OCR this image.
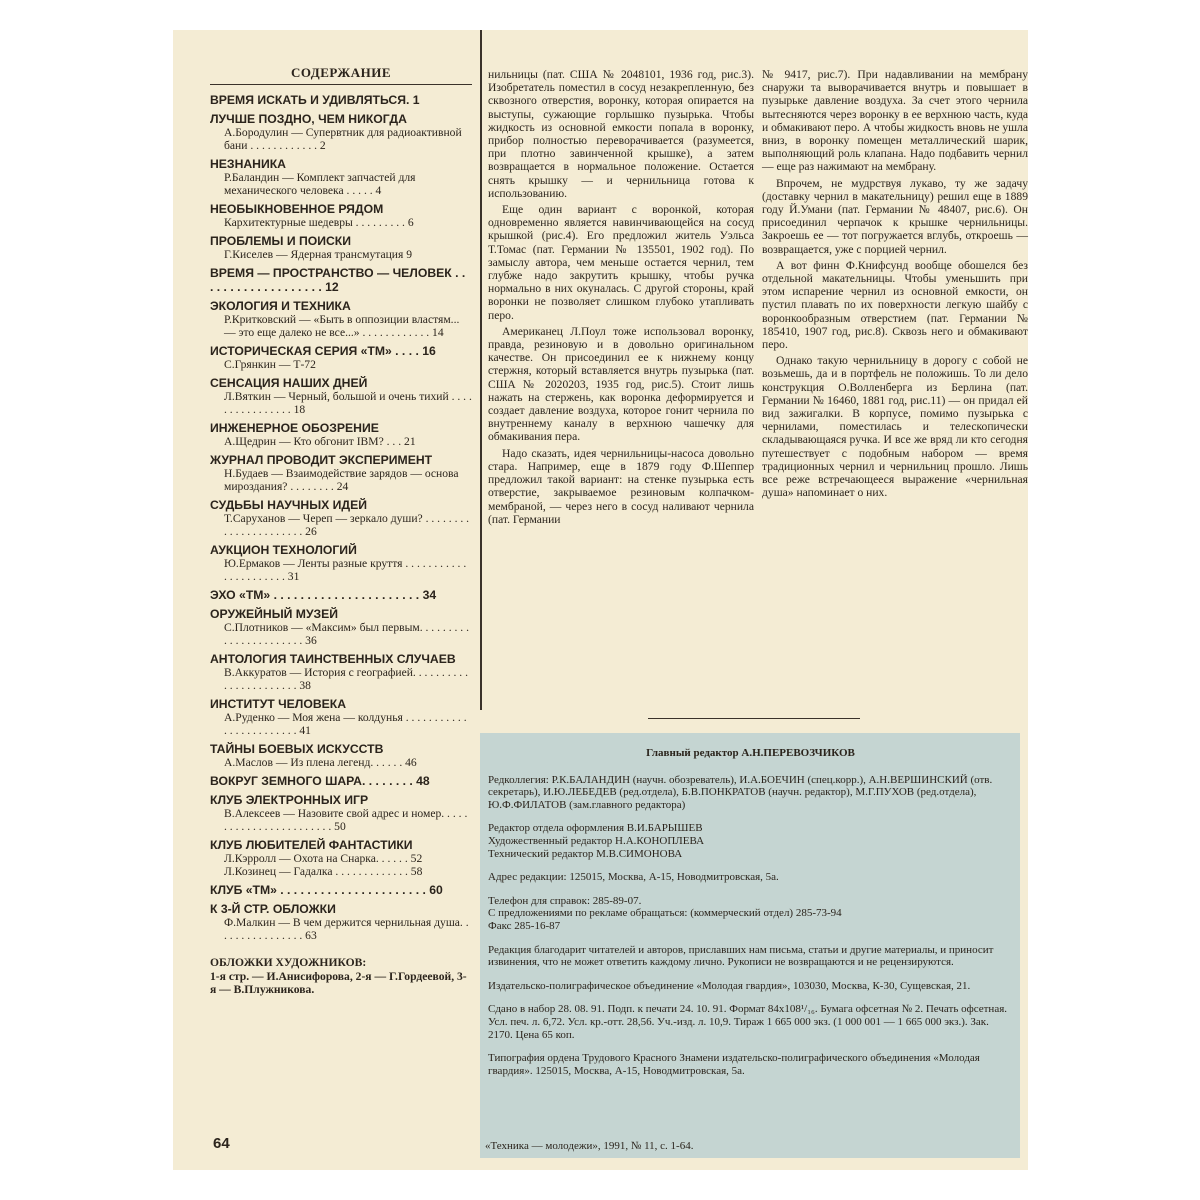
СОДЕРЖАНИЕ
ВРЕМЯ ИСКАТЬ И УДИВЛЯТЬСЯ. 1
ЛУЧШЕ ПОЗДНО, ЧЕМ НИКОГДА
А.Бородулин — Супервтник для радиоактивной бани . . . . . . . . . . . . 2
НЕЗНАНИКА
Р.Баландин — Комплект запчастей для механического человека . . . . . 4
НЕОБЫКНОВЕННОЕ РЯДОМ
Кархитектурные шедевры . . . . . . . . . 6
ПРОБЛЕМЫ И ПОИСКИ
Г.Киселев — Ядерная трансмутация 9
ВРЕМЯ — ПРОСТРАНСТВО — ЧЕЛОВЕК . . . . . . . . . . . . . . . . . . . 12
ЭКОЛОГИЯ И ТЕХНИКА
Р.Критковский — «Быть в оппозиции властям... — это еще далеко не все...» . . . . . . . . . . . . 14
ИСТОРИЧЕСКАЯ СЕРИЯ «ТМ» . . . . 16
С.Грянкин — Т-72
СЕНСАЦИЯ НАШИХ ДНЕЙ
Л.Вяткин — Черный, большой и очень тихий . . . . . . . . . . . . . . . . 18
ИНЖЕНЕРНОЕ ОБОЗРЕНИЕ
А.Щедрин — Кто обгонит IBM? . . . 21
ЖУРНАЛ ПРОВОДИТ ЭКСПЕРИМЕНТ
Н.Будаев — Взаимодействие зарядов — основа мироздания? . . . . . . . . 24
СУДЬБЫ НАУЧНЫХ ИДЕЙ
Т.Саруханов — Череп — зеркало души? . . . . . . . . . . . . . . . . . . . . . . 26
АУКЦИОН ТЕХНОЛОГИЙ
Ю.Ермаков — Ленты разные круття . . . . . . . . . . . . . . . . . . . . . . 31
ЭХО «ТМ» . . . . . . . . . . . . . . . . . . . . . . 34
ОРУЖЕЙНЫЙ МУЗЕЙ
С.Плотников — «Максим» был первым. . . . . . . . . . . . . . . . . . . . . . . 36
АНТОЛОГИЯ ТАИНСТВЕННЫХ СЛУЧАЕВ
В.Аккуратов — История с географией. . . . . . . . . . . . . . . . . . . . . . . 38
ИНСТИТУТ ЧЕЛОВЕКА
А.Руденко — Моя жена — колдунья . . . . . . . . . . . . . . . . . . . . . . . . 41
ТАЙНЫ БОЕВЫХ ИСКУССТВ
А.Маслов — Из плена легенд. . . . . . 46
ВОКРУГ ЗЕМНОГО ШАРА. . . . . . . . 48
КЛУБ ЭЛЕКТРОННЫХ ИГР
В.Алексеев — Назовите свой адрес и номер. . . . . . . . . . . . . . . . . . . . . . . . 50
КЛУБ ЛЮБИТЕЛЕЙ ФАНТАСТИКИ
Л.Кэрролл — Охота на Снарка. . . . . . 52
Л.Козинец — Гадалка . . . . . . . . . . . . . 58
КЛУБ «ТМ» . . . . . . . . . . . . . . . . . . . . . . 60
К 3-Й СТР. ОБЛОЖКИ
Ф.Малкин — В чем держится чернильная душа. . . . . . . . . . . . . . . . 63
ОБЛОЖКИ ХУДОЖНИКОВ:
1-я стр. — И.Анисифорова, 2-я — Г.Гордеевой, 3-я — В.Плужникова.
64

нильницы (пат. США № 2048101, 1936 год, рис.3). Изобретатель поместил в сосуд незакрепленную, без сквозного отверстия, воронку, которая опирается на выступы, сужающие горлышко пузырька. Чтобы жидкость из основной емкости попала в воронку, прибор полностью переворачивается (разумеется, при плотно завинченной крышке), а затем возвращается в нормальное положение. Остается снять крышку — и чернильница готова к использованию.

Еще один вариант с воронкой, которая одновременно является навинчивающейся на сосуд крышкой (рис.4). Его предложил житель Уэльса Т.Томас (пат. Германии № 135501, 1902 год). По замыслу автора, чем меньше остается чернил, тем глубже надо закрутить крышку, чтобы ручка нормально в них окуналась. С другой стороны, край воронки не позволяет слишком глубоко утапливать перо.

Американец Л.Поул тоже использовал воронку, правда, резиновую и в довольно оригинальном качестве. Он присоединил ее к нижнему концу стержня, который вставляется внутрь пузырька (пат. США № 2020203, 1935 год, рис.5). Стоит лишь нажать на стержень, как воронка деформируется и создает давление воздуха, которое гонит чернила по внутреннему каналу в верхнюю чашечку для обмакивания пера.

Надо сказать, идея чернильницы-насоса довольно стара. Например, еще в 1879 году Ф.Шеппер предложил такой вариант: на стенке пузырька есть отверстие, закрываемое резиновым колпачком-мембраной, — через него в сосуд наливают чернила (пат. Германии

№ 9417, рис.7). При надавливании на мембрану снаружи та выворачивается внутрь и повышает в пузырьке давление воздуха. За счет этого чернила вытесняются через воронку в ее верхнюю часть, куда и обмакивают перо. А чтобы жидкость вновь не ушла вниз, в воронку помещен металлический шарик, выполняющий роль клапана. Надо подбавить чернил — еще раз нажимают на мембрану.

Впрочем, не мудрствуя лукаво, ту же задачу (доставку чернил в макательницу) решил еще в 1889 году Й.Умани (пат. Германии № 48407, рис.6). Он присоединил черпачок к крышке чернильницы. Закроешь ее — тот погружается вглубь, откроешь — возвращается, уже с порцией чернил.

А вот финн Ф.Книфсунд вообще обошелся без отдельной макательницы. Чтобы уменьшить при этом испарение чернил из основной емкости, он пустил плавать по их поверхности легкую шайбу с воронкообразным отверстием (пат. Германии № 185410, 1907 год, рис.8). Сквозь него и обмакивают перо.

Однако такую чернильницу в дорогу с собой не возьмешь, да и в портфель не положишь. То ли дело конструкция О.Волленберга из Берлина (пат. Германии № 16460, 1881 год, рис.11) — он придал ей вид зажигалки. В корпусе, помимо пузырька с чернилами, поместилась и телескопически складывающаяся ручка. И все же вряд ли кто сегодня путешествует с подобным набором — время традиционных чернил и чернильниц прошло. Лишь все реже встречающееся выражение «чернильная душа» напоминает о них.

Главный редактор А.Н.ПЕРЕВОЗЧИКОВ
Редколлегия: Р.К.БАЛАНДИН (научн. обозреватель), И.А.БОЕЧИН (спец.корр.), А.Н.ВЕРШИНСКИЙ (отв. секретарь), И.Ю.ЛЕБЕДЕВ (ред.отдела), Б.В.ПОНКРАТОВ (научн. редактор), М.Г.ПУХОВ (ред.отдела), Ю.Ф.ФИЛАТОВ (зам.главного редактора)
Редактор отдела оформления В.И.БАРЫШЕВ
Художественный редактор Н.А.КОНОПЛЕВА
Технический редактор М.В.СИМОНОВА
Адрес редакции: 125015, Москва, А-15, Новодмитровская, 5а.
Телефон для справок: 285-89-07.
С предложениями по рекламе обращаться: (коммерческий отдел) 285-73-94
Факс 285-16-87
Редакция благодарит читателей и авторов, приславших нам письма, статьи и другие материалы, и приносит извинения, что не может ответить каждому лично. Рукописи не возвращаются и не рецензируются.
Издательско-полиграфическое объединение «Молодая гвардия», 103030, Москва, К-30, Сущевская, 21.
Сдано в набор 28. 08. 91. Подп. к печати 24. 10. 91. Формат 84х108¹/₁₆. Бумага офсетная № 2. Печать офсетная. Усл. печ. л. 6,72. Усл. кр.-отт. 28,56. Уч.-изд. л. 10,9. Тираж 1 665 000 экз. (1 000 001 — 1 665 000 экз.). Зак. 2170. Цена 65 коп.
Типография ордена Трудового Красного Знамени издательско-полиграфического объединения «Молодая гвардия». 125015, Москва, А-15, Новодмитровская, 5а.
«Техника — молодежи», 1991, № 11, с. 1-64.
